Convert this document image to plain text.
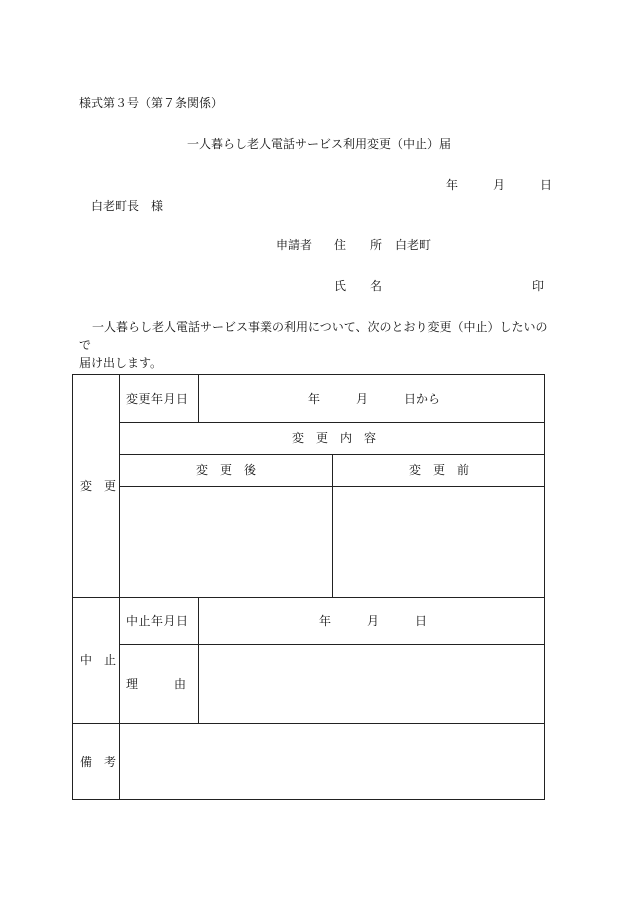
様式第３号（第７条関係）
一人暮らし老人電話サービス利用変更（中止）届
年	月	日
白老町長　様
申請者 住　　所 白老町
氏　　名	印
一人暮らし老人電話サービス事業の利用について、次のとおり変更（中止）したいの
で
届け出します。
変　更
変更年月日	年　　　月　　　日から
変　更　内　容
変　更　後	変　更　前
中　止
中止年月日	年　　　月　　　日
理　　　由
備　考
